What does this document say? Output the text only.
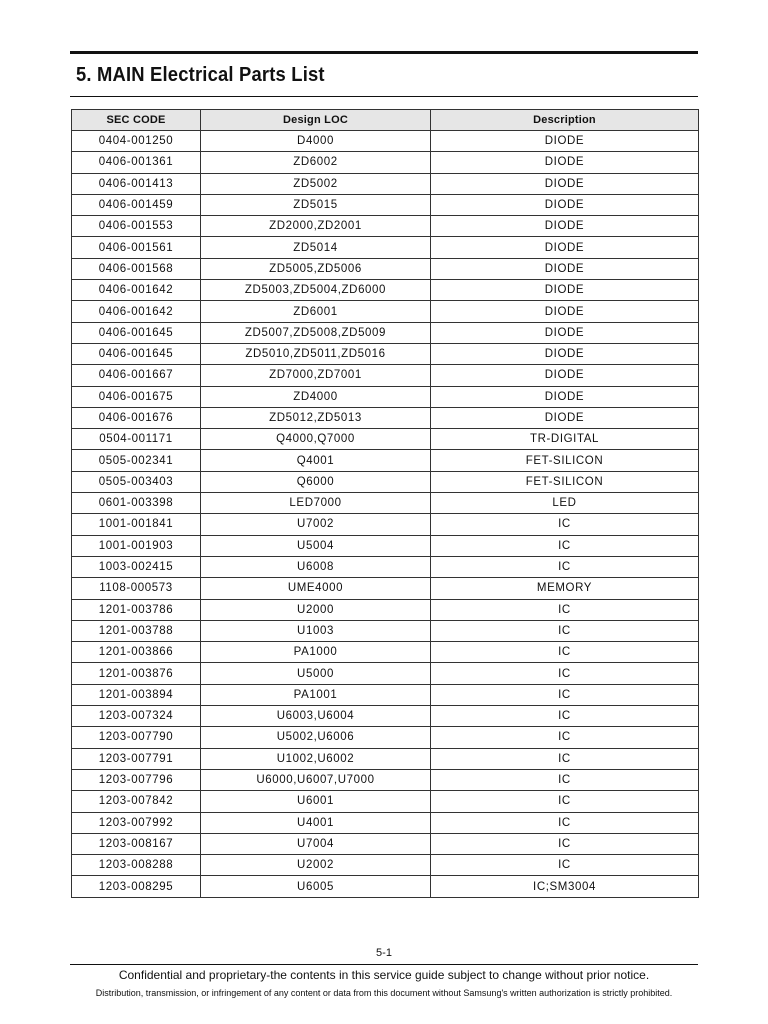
5. MAIN Electrical Parts List
SEC CODE	Design LOC	Description
0404-001250	D4000	DIODE
0406-001361	ZD6002	DIODE
0406-001413	ZD5002	DIODE
0406-001459	ZD5015	DIODE
0406-001553	ZD2000,ZD2001	DIODE
0406-001561	ZD5014	DIODE
0406-001568	ZD5005,ZD5006	DIODE
0406-001642	ZD5003,ZD5004,ZD6000	DIODE
0406-001642	ZD6001	DIODE
0406-001645	ZD5007,ZD5008,ZD5009	DIODE
0406-001645	ZD5010,ZD5011,ZD5016	DIODE
0406-001667	ZD7000,ZD7001	DIODE
0406-001675	ZD4000	DIODE
0406-001676	ZD5012,ZD5013	DIODE
0504-001171	Q4000,Q7000	TR-DIGITAL
0505-002341	Q4001	FET-SILICON
0505-003403	Q6000	FET-SILICON
0601-003398	LED7000	LED
1001-001841	U7002	IC
1001-001903	U5004	IC
1003-002415	U6008	IC
1108-000573	UME4000	MEMORY
1201-003786	U2000	IC
1201-003788	U1003	IC
1201-003866	PA1000	IC
1201-003876	U5000	IC
1201-003894	PA1001	IC
1203-007324	U6003,U6004	IC
1203-007790	U5002,U6006	IC
1203-007791	U1002,U6002	IC
1203-007796	U6000,U6007,U7000	IC
1203-007842	U6001	IC
1203-007992	U4001	IC
1203-008167	U7004	IC
1203-008288	U2002	IC
1203-008295	U6005	IC;SM3004
5-1
Confidential and proprietary-the contents in this service guide subject to change without prior notice.
Distribution, transmission, or infringement of any content or data from this document without Samsung's written authorization is strictly prohibited.
